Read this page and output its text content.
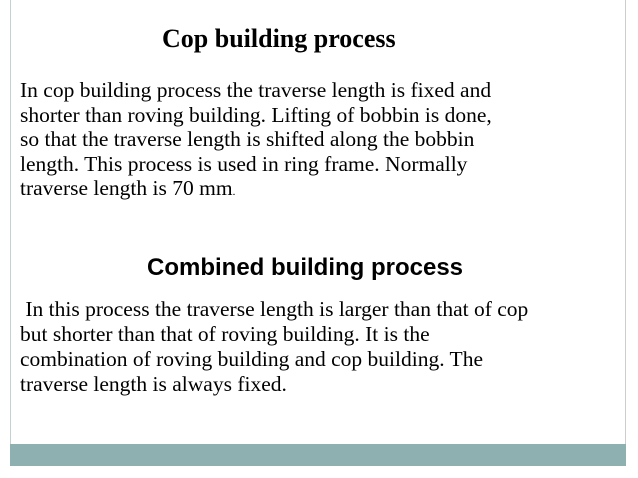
Cop building process

In cop building process the traverse length is fixed and
shorter than roving building. Lifting of bobbin is done,
so that the traverse length is shifted along the bobbin
length. This process is used in ring frame. Normally
traverse length is 70 mm.

Combined building process

In this process the traverse length is larger than that of cop
but shorter than that of roving building. It is the
combination of roving building and cop building. The
traverse length is always fixed.
